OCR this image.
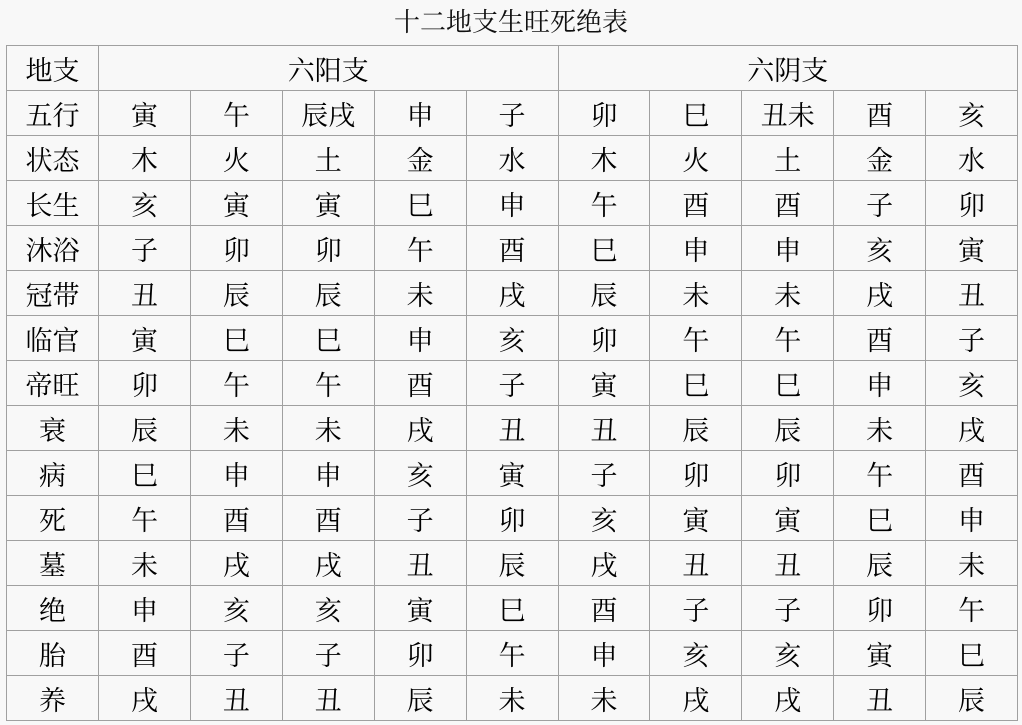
十二地支生旺死绝表
地支	六阳支					六阴支				
五行	寅	午	辰戌	申	子	卯	巳	丑未	酉	亥
状态	木	火	土	金	水	木	火	土	金	水
长生	亥	寅	寅	巳	申	午	酉	酉	子	卯
沐浴	子	卯	卯	午	酉	巳	申	申	亥	寅
冠带	丑	辰	辰	未	戌	辰	未	未	戌	丑
临官	寅	巳	巳	申	亥	卯	午	午	酉	子
帝旺	卯	午	午	酉	子	寅	巳	巳	申	亥
衰	辰	未	未	戌	丑	丑	辰	辰	未	戌
病	巳	申	申	亥	寅	子	卯	卯	午	酉
死	午	酉	酉	子	卯	亥	寅	寅	巳	申
墓	未	戌	戌	丑	辰	戌	丑	丑	辰	未
绝	申	亥	亥	寅	巳	酉	子	子	卯	午
胎	酉	子	子	卯	午	申	亥	亥	寅	巳
养	戌	丑	丑	辰	未	未	戌	戌	丑	辰
